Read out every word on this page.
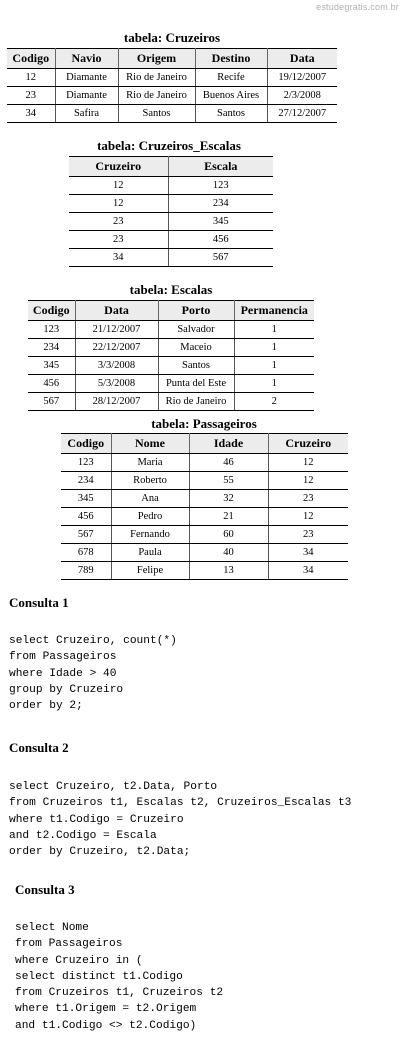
estudegratis.com.br
tabela: Cruzeiros
Codigo	Navio	Origem	Destino	Data
12	Diamante	Rio de Janeiro	Recife	19/12/2007
23	Diamante	Rio de Janeiro	Buenos Aires	2/3/2008
34	Safira	Santos	Santos	27/12/2007
tabela: Cruzeiros_Escalas
Cruzeiro	Escala
12	123
12	234
23	345
23	456
34	567
tabela: Escalas
Codigo	Data	Porto	Permanencia
123	21/12/2007	Salvador	1
234	22/12/2007	Maceio	1
345	3/3/2008	Santos	1
456	5/3/2008	Punta del Este	1
567	28/12/2007	Rio de Janeiro	2
tabela: Passageiros
Codigo	Nome	Idade	Cruzeiro
123	Maria	46	12
234	Roberto	55	12
345	Ana	32	23
456	Pedro	21	12
567	Fernando	60	23
678	Paula	40	34
789	Felipe	13	34
Consulta 1
select Cruzeiro, count(*)
from Passageiros
where Idade > 40
group by Cruzeiro
order by 2;
Consulta 2
select Cruzeiro, t2.Data, Porto
from Cruzeiros t1, Escalas t2, Cruzeiros_Escalas t3
where t1.Codigo = Cruzeiro
and t2.Codigo = Escala
order by Cruzeiro, t2.Data;
Consulta 3
select Nome
from Passageiros
where Cruzeiro in (
select distinct t1.Codigo
from Cruzeiros t1, Cruzeiros t2
where t1.Origem = t2.Origem
and t1.Codigo <> t2.Codigo)
